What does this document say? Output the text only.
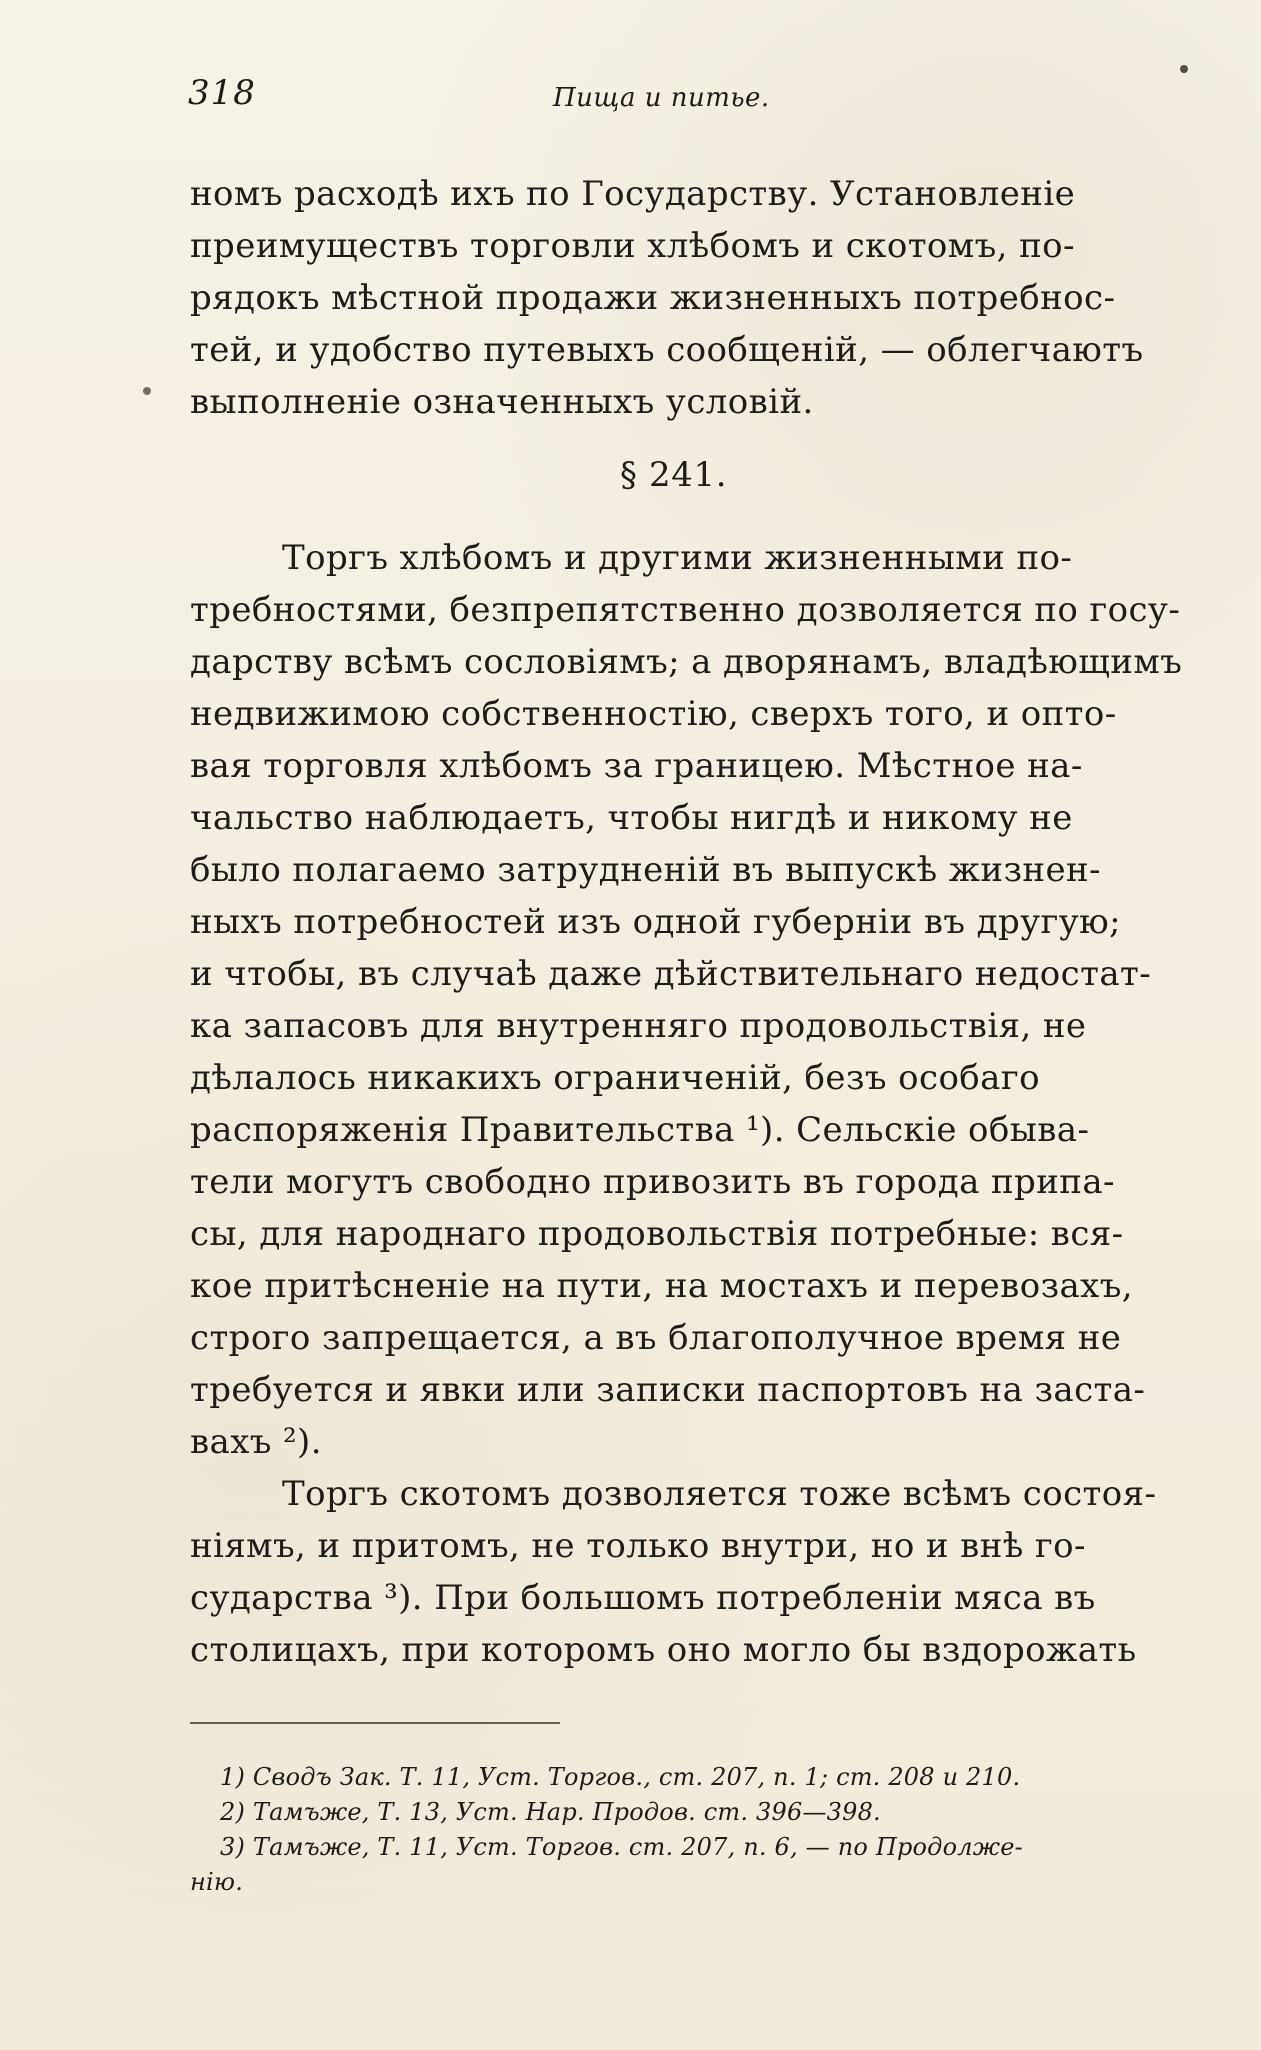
318	Пища и питье.
номъ расходѣ ихъ по Государству. Установленіе
преимуществъ торговли хлѣбомъ и скотомъ, по-
рядокъ мѣстной продажи жизненныхъ потребнос-
тей, и удобство путевыхъ сообщеній, — облегчаютъ
выполненіе означенныхъ условій.
Торгъ хлѣбомъ и другими жизненными по-
требностями, безпрепятственно дозволяется по госу-
дарству всѣмъ сословіямъ; а дворянамъ, владѣющимъ
недвижимою собственностію, сверхъ того, и опто-
вая торговля хлѣбомъ за границею. Мѣстное на-
чальство наблюдаетъ, чтобы нигдѣ и никому не
было полагаемо затрудненій въ выпускѣ жизнен-
ныхъ потребностей изъ одной губерніи въ другую;
и чтобы, въ случаѣ даже дѣйствительнаго недостат-
ка запасовъ для внутренняго продовольствія, не
дѣлалось никакихъ ограниченій, безъ особаго
распоряженія Правительства ¹). Сельскіе обыва-
тели могутъ свободно привозить въ города припа-
сы, для народнаго продовольствія потребные: вся-
кое притѣсненіе на пути, на мостахъ и перевозахъ,
строго запрещается, а въ благополучное время не
требуется и явки или записки паспортовъ на заста-
вахъ ²).
Торгъ скотомъ дозволяется тоже всѣмъ состоя-
ніямъ, и притомъ, не только внутри, но и внѣ го-
сударства ³). При большомъ потребленіи мяса въ
столицахъ, при которомъ оно могло бы вздорожать
§ 241.
1) Сводъ Зак. Т. 11, Уст. Торгов., ст. 207, п. 1; ст. 208 и 210.
2) Тамъже, Т. 13, Уст. Нар. Продов. ст. 396—398.
3) Тамъже, Т. 11, Уст. Торгов. ст. 207, п. 6, — по Продолже-
нію.
